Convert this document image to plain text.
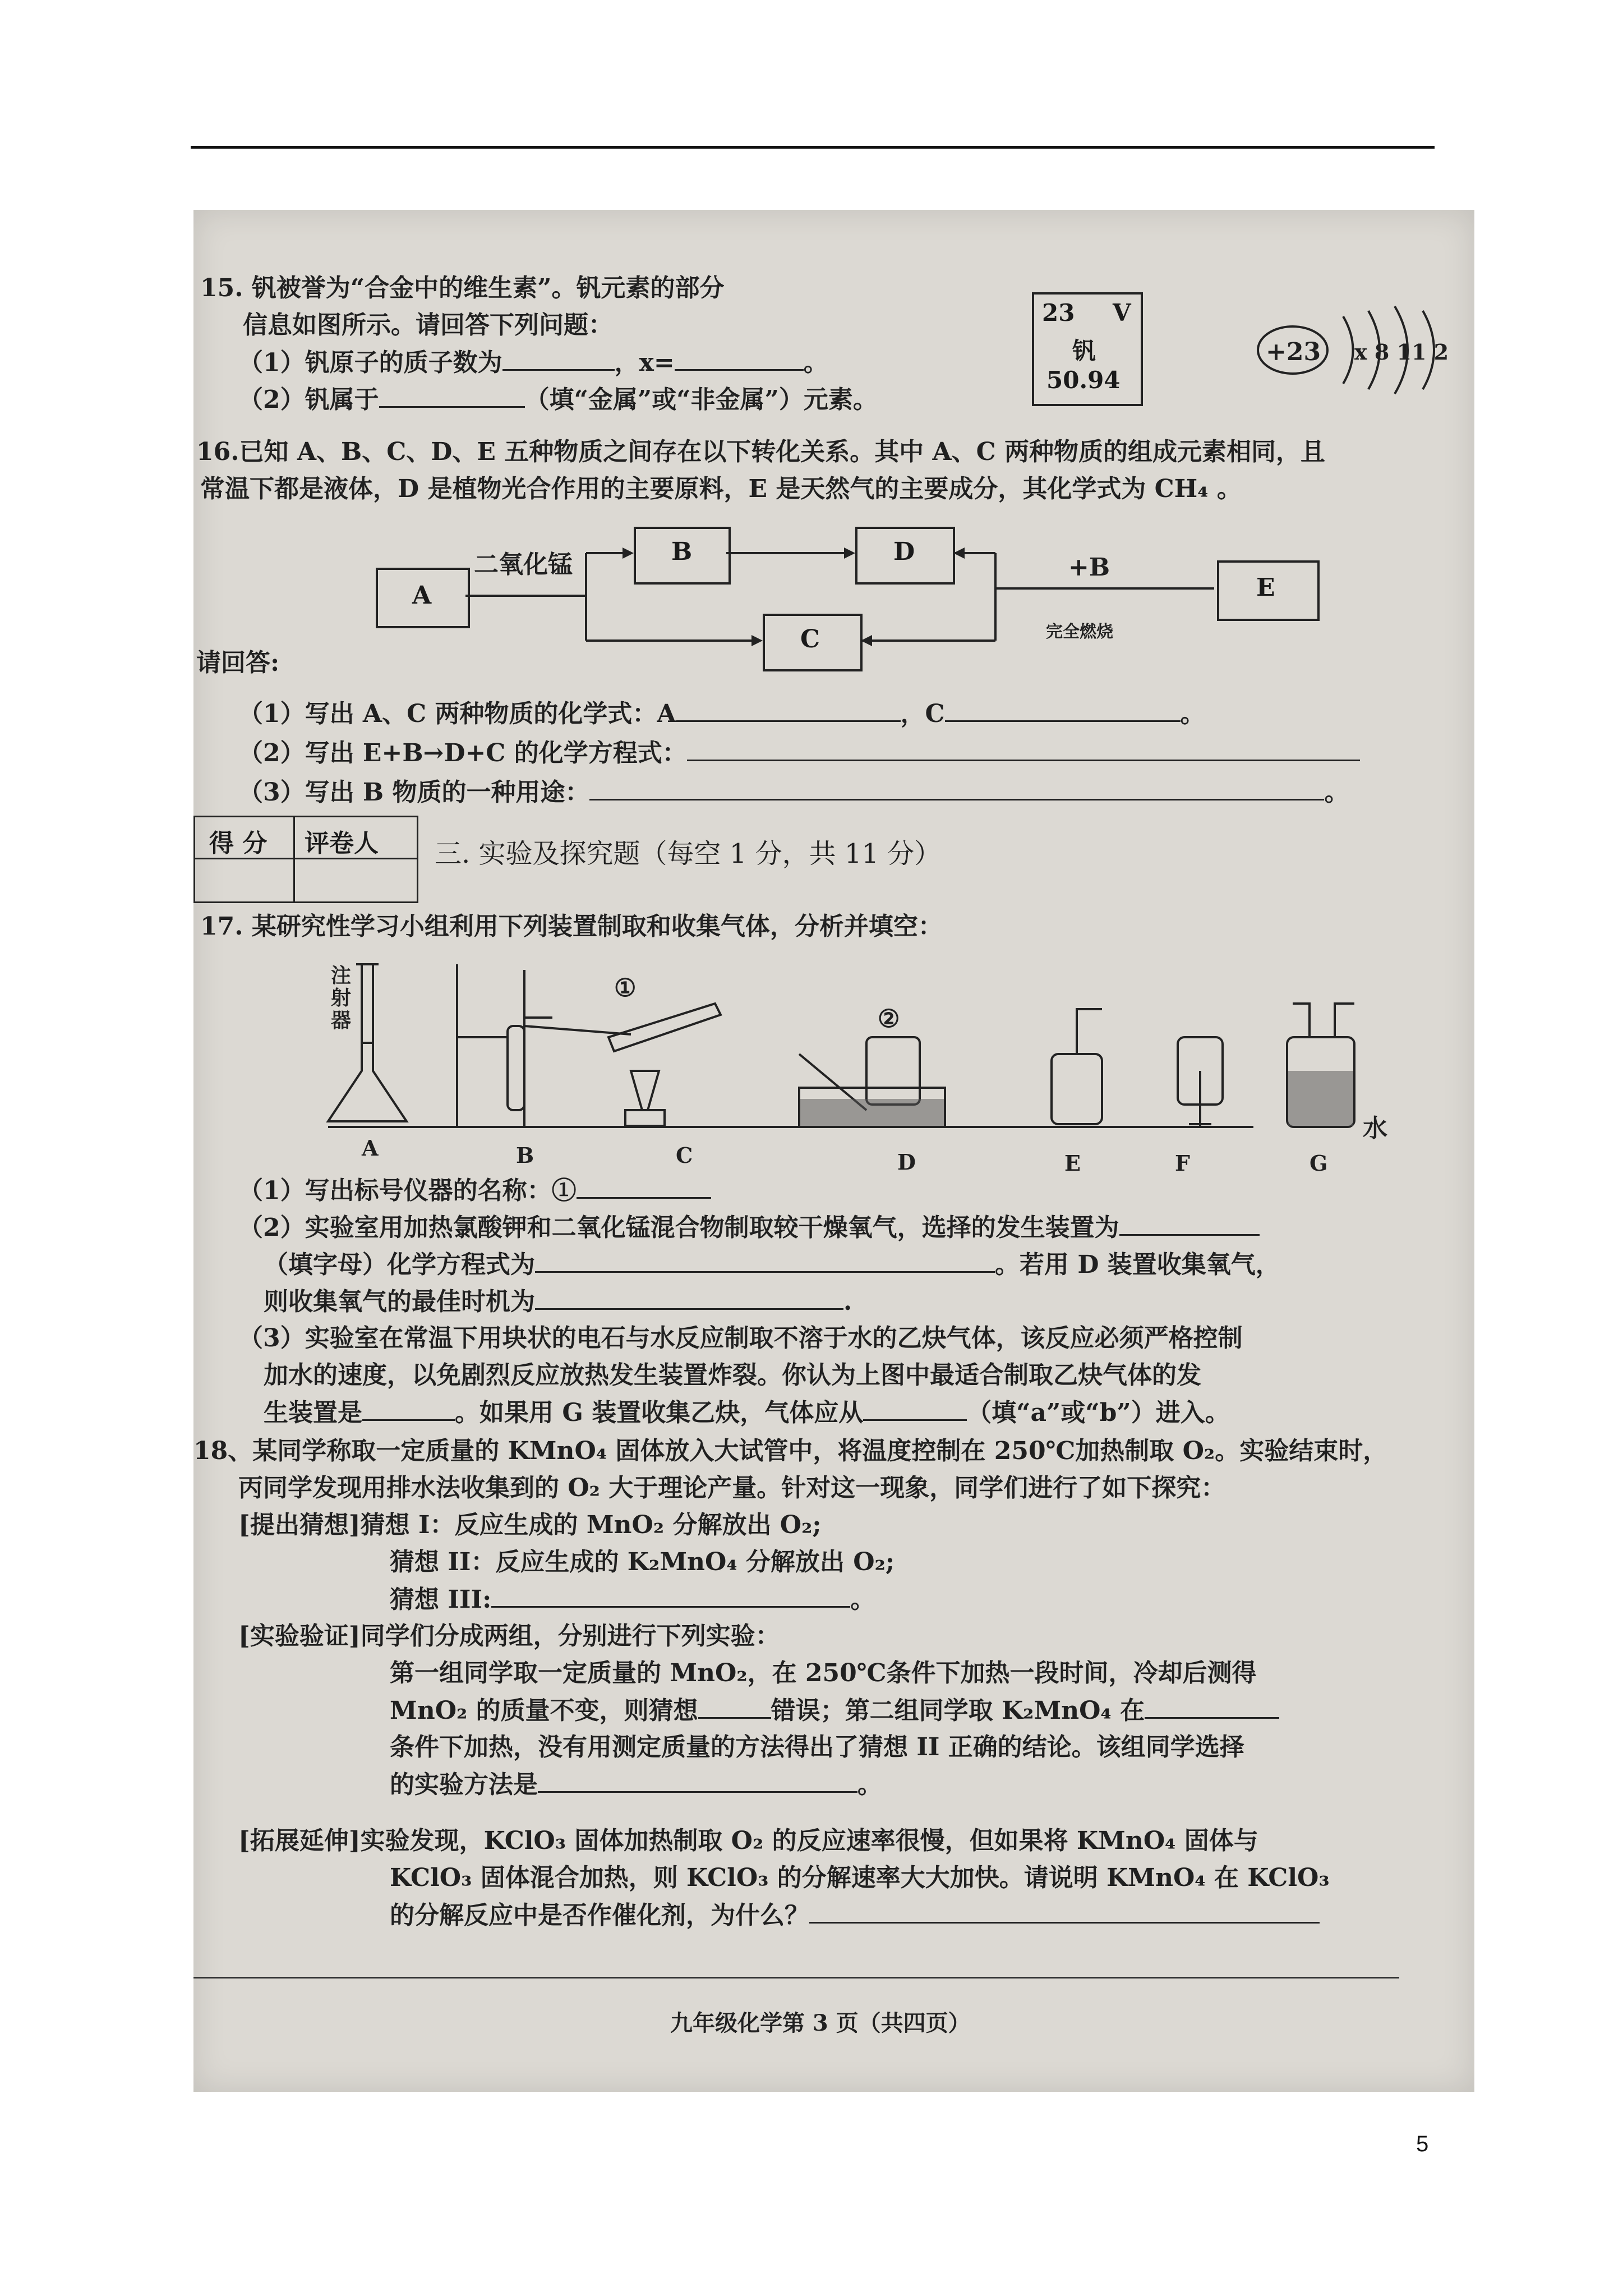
15. 钒被誉为“合金中的维生素”。钒元素的部分
信息如图所示。请回答下列问题：
（1）钒原子的质子数为	，x=	。
（2）钒属于	（填“金属”或“非金属”）元素。
23 V
钒
50.94
+23 x 8 11 2
16.已知 A、B、C、D、E 五种物质之间存在以下转化关系。其中 A、C 两种物质的组成元素相同，且
常温下都是液体，D 是植物光合作用的主要原料，E 是天然气的主要成分，其化学式为 CH₄ 。
A
B	D
C
E
二氧化锰	+B
完全燃烧
请回答:
（1）写出 A、C 两种物质的化学式：A	，C	。
（2）写出 E+B→D+C 的化学方程式：
（3）写出 B 物质的一种用途：	。
得 分 评卷人 三. 实验及探究题（每空 1 分，共 11 分）
17. 某研究性学习小组利用下列装置制取和收集气体，分析并填空：
注射器
①
②
水
A	B	C	D	E	F	G
（1）写出标号仪器的名称：①
（2）实验室用加热氯酸钾和二氧化锰混合物制取较干燥氧气，选择的发生装置为
（填字母）化学方程式为	。若用 D 装置收集氧气，
则收集氧气的最佳时机为	.
（3）实验室在常温下用块状的电石与水反应制取不溶于水的乙炔气体，该反应必须严格控制
加水的速度，以免剧烈反应放热发生装置炸裂。你认为上图中最适合制取乙炔气体的发
生装置是	。如果用 G 装置收集乙炔，气体应从	（填“a”或“b”）进入。
18、某同学称取一定质量的 KMnO₄ 固体放入大试管中，将温度控制在 250℃加热制取 O₂。实验结束时，
丙同学发现用排水法收集到的 O₂ 大于理论产量。针对这一现象，同学们进行了如下探究：
[提出猜想]猜想 I：反应生成的 MnO₂ 分解放出 O₂;
猜想 II：反应生成的 K₂MnO₄ 分解放出 O₂;
猜想 III:	。
[实验验证]同学们分成两组，分别进行下列实验：
第一组同学取一定质量的 MnO₂，在 250℃条件下加热一段时间，冷却后测得
MnO₂ 的质量不变，则猜想	错误；第二组同学取 K₂MnO₄ 在
条件下加热，没有用测定质量的方法得出了猜想 II 正确的结论。该组同学选择
的实验方法是	。
[拓展延伸]实验发现，KClO₃ 固体加热制取 O₂ 的反应速率很慢，但如果将 KMnO₄ 固体与
KClO₃ 固体混合加热，则 KClO₃ 的分解速率大大加快。请说明 KMnO₄ 在 KClO₃
的分解反应中是否作催化剂，为什么？
九年级化学第 3 页（共四页）
5
